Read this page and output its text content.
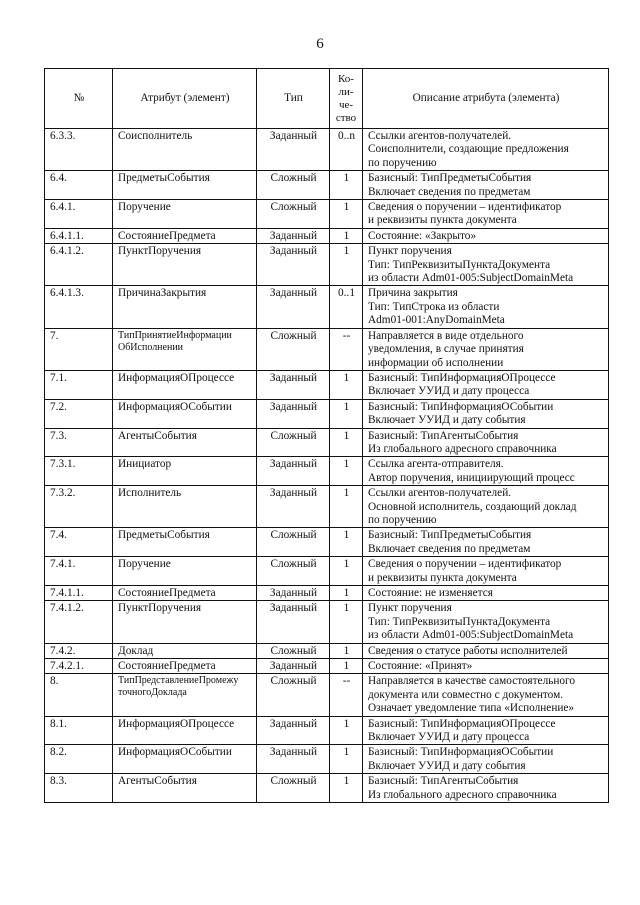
6
№	Атрибут (элемент)	Тип	Ко-
ли-
че-
ство	Описание атрибута (элемента)
6.3.3.	Соисполнитель	Заданный	0..n	Ссылки агентов-получателей.
Соисполнители, создающие предложения
по поручению
6.4.	ПредметыСобытия	Сложный	1	Базисный: ТипПредметыСобытия
Включает сведения по предметам
6.4.1.	Поручение	Сложный	1	Сведения о поручении – идентификатор
и реквизиты пункта документа
6.4.1.1.	СостояниеПредмета	Заданный	1	Состояние: «Закрыто»
6.4.1.2.	ПунктПоручения	Заданный	1	Пункт поручения
Тип: ТипРеквизитыПунктаДокумента
из области Adm01-005:SubjectDomainMeta
6.4.1.3.	ПричинаЗакрытия	Заданный	0..1	Причина закрытия
Тип: ТипСтрока из области
Adm01-001:AnyDomainMeta
7.	ТипПринятиеИнформации
ОбИсполнении	Сложный	--	Направляется в виде отдельного
уведомления, в случае принятия
информации об исполнении
7.1.	ИнформацияОПроцессе	Заданный	1	Базисный: ТипИнформацияОПроцессе
Включает УУИД и дату процесса
7.2.	ИнформацияОСобытии	Заданный	1	Базисный: ТипИнформацияОСобытии
Включает УУИД и дату события
7.3.	АгентыСобытия	Сложный	1	Базисный: ТипАгентыСобытия
Из глобального адресного справочника
7.3.1.	Инициатор	Заданный	1	Ссылка агента-отправителя.
Автор поручения, инициирующий процесс
7.3.2.	Исполнитель	Заданный	1	Ссылки агентов-получателей.
Основной исполнитель, создающий доклад
по поручению
7.4.	ПредметыСобытия	Сложный	1	Базисный: ТипПредметыСобытия
Включает сведения по предметам
7.4.1.	Поручение	Сложный	1	Сведения о поручении – идентификатор
и реквизиты пункта документа
7.4.1.1.	СостояниеПредмета	Заданный	1	Состояние: не изменяется
7.4.1.2.	ПунктПоручения	Заданный	1	Пункт поручения
Тип: ТипРеквизитыПунктаДокумента
из области Adm01-005:SubjectDomainMeta
7.4.2.	Доклад	Сложный	1	Сведения о статусе работы исполнителей
7.4.2.1.	СостояниеПредмета	Заданный	1	Состояние: «Принят»
8.	ТипПредставлениеПромежу
точногоДоклада	Сложный	--	Направляется в качестве самостоятельного
документа или совместно с документом.
Означает уведомление типа «Исполнение»
8.1.	ИнформацияОПроцессе	Заданный	1	Базисный: ТипИнформацияОПроцессе
Включает УУИД и дату процесса
8.2.	ИнформацияОСобытии	Заданный	1	Базисный: ТипИнформацияОСобытии
Включает УУИД и дату события
8.3.	АгентыСобытия	Сложный	1	Базисный: ТипАгентыСобытия
Из глобального адресного справочника
